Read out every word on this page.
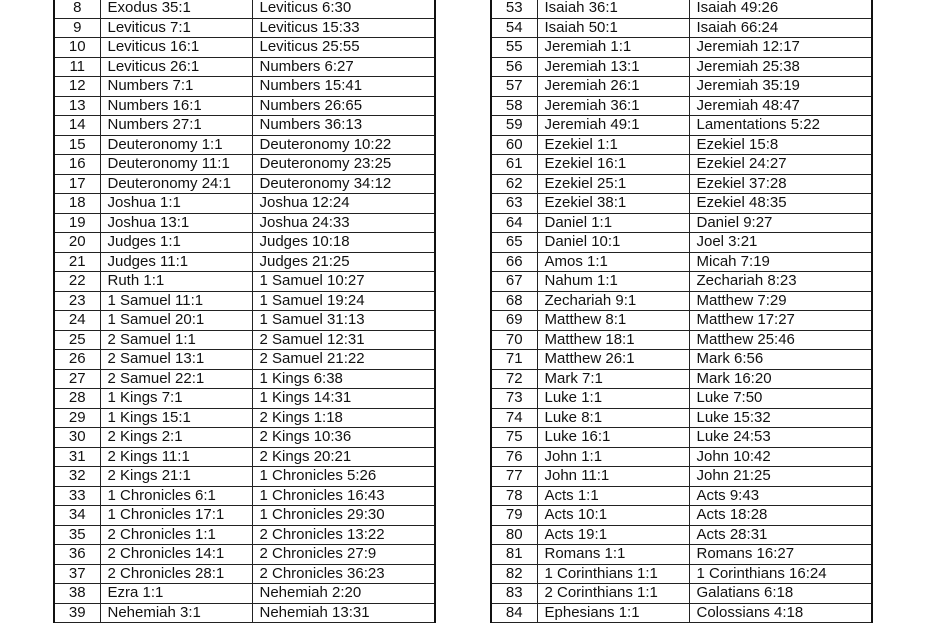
8	Exodus 35:1	Leviticus 6:30
9	Leviticus 7:1	Leviticus 15:33
10	Leviticus 16:1	Leviticus 25:55
11	Leviticus 26:1	Numbers 6:27
12	Numbers 7:1	Numbers 15:41
13	Numbers 16:1	Numbers 26:65
14	Numbers 27:1	Numbers 36:13
15	Deuteronomy 1:1	Deuteronomy 10:22
16	Deuteronomy 11:1	Deuteronomy 23:25
17	Deuteronomy 24:1	Deuteronomy 34:12
18	Joshua 1:1	Joshua 12:24
19	Joshua 13:1	Joshua 24:33
20	Judges 1:1	Judges 10:18
21	Judges 11:1	Judges 21:25
22	Ruth 1:1	1 Samuel 10:27
23	1 Samuel 11:1	1 Samuel 19:24
24	1 Samuel 20:1	1 Samuel 31:13
25	2 Samuel 1:1	2 Samuel 12:31
26	2 Samuel 13:1	2 Samuel 21:22
27	2 Samuel 22:1	1 Kings 6:38
28	1 Kings 7:1	1 Kings 14:31
29	1 Kings 15:1	2 Kings 1:18
30	2 Kings 2:1	2 Kings 10:36
31	2 Kings 11:1	2 Kings 20:21
32	2 Kings 21:1	1 Chronicles 5:26
33	1 Chronicles 6:1	1 Chronicles 16:43
34	1 Chronicles 17:1	1 Chronicles 29:30
35	2 Chronicles 1:1	2 Chronicles 13:22
36	2 Chronicles 14:1	2 Chronicles 27:9
37	2 Chronicles 28:1	2 Chronicles 36:23
38	Ezra 1:1	Nehemiah 2:20
39	Nehemiah 3:1	Nehemiah 13:31
53	Isaiah 36:1	Isaiah 49:26
54	Isaiah 50:1	Isaiah 66:24
55	Jeremiah 1:1	Jeremiah 12:17
56	Jeremiah 13:1	Jeremiah 25:38
57	Jeremiah 26:1	Jeremiah 35:19
58	Jeremiah 36:1	Jeremiah 48:47
59	Jeremiah 49:1	Lamentations 5:22
60	Ezekiel 1:1	Ezekiel 15:8
61	Ezekiel 16:1	Ezekiel 24:27
62	Ezekiel 25:1	Ezekiel 37:28
63	Ezekiel 38:1	Ezekiel 48:35
64	Daniel 1:1	Daniel 9:27
65	Daniel 10:1	Joel 3:21
66	Amos 1:1	Micah 7:19
67	Nahum 1:1	Zechariah 8:23
68	Zechariah 9:1	Matthew 7:29
69	Matthew 8:1	Matthew 17:27
70	Matthew 18:1	Matthew 25:46
71	Matthew 26:1	Mark 6:56
72	Mark 7:1	Mark 16:20
73	Luke 1:1	Luke 7:50
74	Luke 8:1	Luke 15:32
75	Luke 16:1	Luke 24:53
76	John 1:1	John 10:42
77	John 11:1	John 21:25
78	Acts 1:1	Acts 9:43
79	Acts 10:1	Acts 18:28
80	Acts 19:1	Acts 28:31
81	Romans 1:1	Romans 16:27
82	1 Corinthians 1:1	1 Corinthians 16:24
83	2 Corinthians 1:1	Galatians 6:18
84	Ephesians 1:1	Colossians 4:18
